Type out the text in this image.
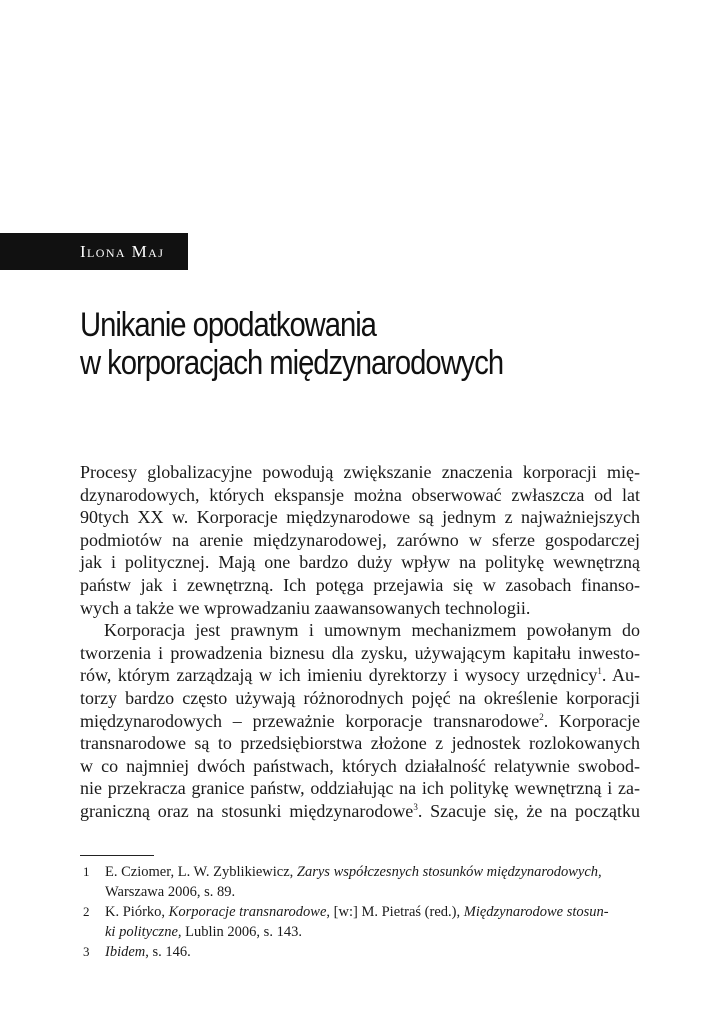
Ilona Maj
Unikanie opodatkowania
w korporacjach międzynarodowych

Procesy globalizacyjne powodują zwiększanie znaczenia korporacji mię-
dzynarodowych, których ekspansje można obserwować zwłaszcza od lat
90tych XX w. Korporacje międzynarodowe są jednym z najważniejszych
podmiotów na arenie międzynarodowej, zarówno w sferze gospodarczej
jak i politycznej. Mają one bardzo duży wpływ na politykę wewnętrzną
państw jak i zewnętrzną. Ich potęga przejawia się w zasobach finanso-
wych a także we wprowadzaniu zaawansowanych technologii.

Korporacja jest prawnym i umownym mechanizmem powołanym do
tworzenia i prowadzenia biznesu dla zysku, używającym kapitału inwesto-
rów, którym zarządzają w ich imieniu dyrektorzy i wysocy urzędnicy$^1$. Au-
torzy bardzo często używają różnorodnych pojęć na określenie korporacji
międzynarodowych – przeważnie korporacje transnarodowe$^2$. Korporacje
transnarodowe są to przedsiębiorstwa złożone z jednostek rozlokowanych
w co najmniej dwóch państwach, których działalność relatywnie swobod-
nie przekracza granice państw, oddziałując na ich politykę wewnętrzną i za-
graniczną oraz na stosunki międzynarodowe$^3$. Szacuje się, że na początku

1 E. Cziomer, L. W. Zyblikiewicz, Zarys współczesnych stosunków międzynarodowych,
Warszawa 2006, s. 89.
2 K. Piórko, Korporacje transnarodowe, [w:] M. Pietraś (red.), Międzynarodowe stosun-
ki polityczne, Lublin 2006, s. 143.
3 Ibidem, s. 146.
